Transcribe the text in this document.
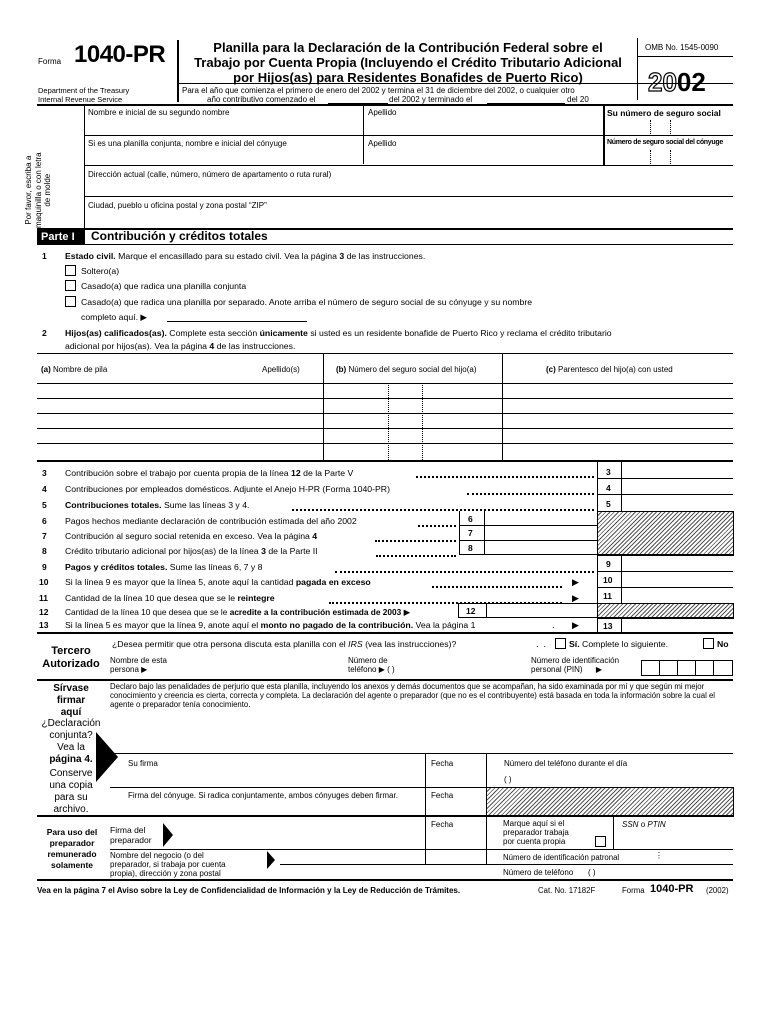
Forma 1040-PR
Department of the Treasury
Internal Revenue Service
Planilla para la Declaración de la Contribución Federal sobre el
Trabajo por Cuenta Propia (Incluyendo el Crédito Tributario Adicional
por Hijos(as) para Residentes Bonafides de Puerto Rico)
OMB No. 1545-0090
2002
Para el año que comienza el primero de enero del 2002 y termina el 31 de diciembre del 2002, o cualquier otro
año contributivo comenzado el	del 2002 y terminado el	del 20
Por favor, escriba a maquinilla o con letra de molde
Nombre e inicial de su segundo nombre	Apellido	Su número de seguro social
Si es una planilla conjunta, nombre e inicial del cónyuge	Apellido	Número de seguro social del cónyuge
Dirección actual (calle, número, número de apartamento o ruta rural)
Ciudad, pueblo u oficina postal y zona postal “ZIP”
Parte I	Contribución y créditos totales
1 Estado civil. Marque el encasillado para su estado civil. Vea la página 3 de las instrucciones.
Soltero(a)
Casado(a) que radica una planilla conjunta
Casado(a) que radica una planilla por separado. Anote arriba el número de seguro social de su cónyuge y su nombre
completo aquí. ▶
2 Hijos(as) calificados(as). Complete esta sección únicamente si usted es un residente bonafide de Puerto Rico y reclama el crédito tributario
adicional por hijos(as). Vea la página 4 de las instrucciones.
(a) Nombre de pila	Apellido(s)	(b) Número del seguro social del hijo(a)	(c) Parentesco del hijo(a) con usted
3 Contribución sobre el trabajo por cuenta propia de la línea 12 de la Parte V	3
4 Contribuciones por empleados domésticos. Adjunte el Anejo H-PR (Forma 1040-PR)	4
5 Contribuciones totales. Sume las líneas 3 y 4.	5
6 Pagos hechos mediante declaración de contribución estimada del año 2002	6
7 Contribución al seguro social retenida en exceso. Vea la página 4	7
8 Crédito tributario adicional por hijos(as) de la línea 3 de la Parte II	8
9 Pagos y créditos totales. Sume las líneas 6, 7 y 8	9
10 Si la línea 9 es mayor que la línea 5, anote aquí la cantidad pagada en exceso	▶	10
11 Cantidad de la línea 10 que desea que se le reintegre	▶	11
12 Cantidad de la línea 10 que desea que se le acredite a la contribución estimada de 2003 ▶	12
13 Si la línea 5 es mayor que la línea 9, anote aquí el monto no pagado de la contribución. Vea la página 1	. ▶	13
Tercero
Autorizado
¿Desea permitir que otra persona discuta esta planilla con el IRS (vea las instrucciones)?	.  .	Sí. Complete lo siguiente.	No
Nombre de esta
persona ▶
Número de
teléfono ▶ ( )
Número de identificación
personal (PIN)      ▶
Sírvase
firmar
aquí
¿Declaración
conjunta?
Vea la
página 4.
Conserve
una copia
para su
archivo.
Declaro bajo las penalidades de perjurio que esta planilla, incluyendo los anexos y demás documentos que se acompañan, ha sido examinada por mí y que según mi mejor conocimiento y creencia es cierta, correcta y completa. La declaración del agente o preparador (que no es el contribuyente) está basada en toda la información sobre la cual el agente o preparador tenía conocimiento.
Su firma	Fecha	Número del teléfono durante el día
( )
Firma del cónyuge. Si radica conjuntamente, ambos cónyuges deben firmar.	Fecha
Para uso del
preparador
remunerado
solamente
Firma del
preparador
Fecha	Marque aquí si el
preparador trabaja
por cuenta propia
SSN o PTIN
Nombre del negocio (o del
preparador, si trabaja por cuenta
propia), dirección y zona postal
Número de identificación patronal	⋮
Número de teléfono ( )
Vea en la página 7 el Aviso sobre la Ley de Confidencialidad de Información y la Ley de Reducción de Trámites.	Cat. No. 17182F	Forma 1040-PR (2002)
